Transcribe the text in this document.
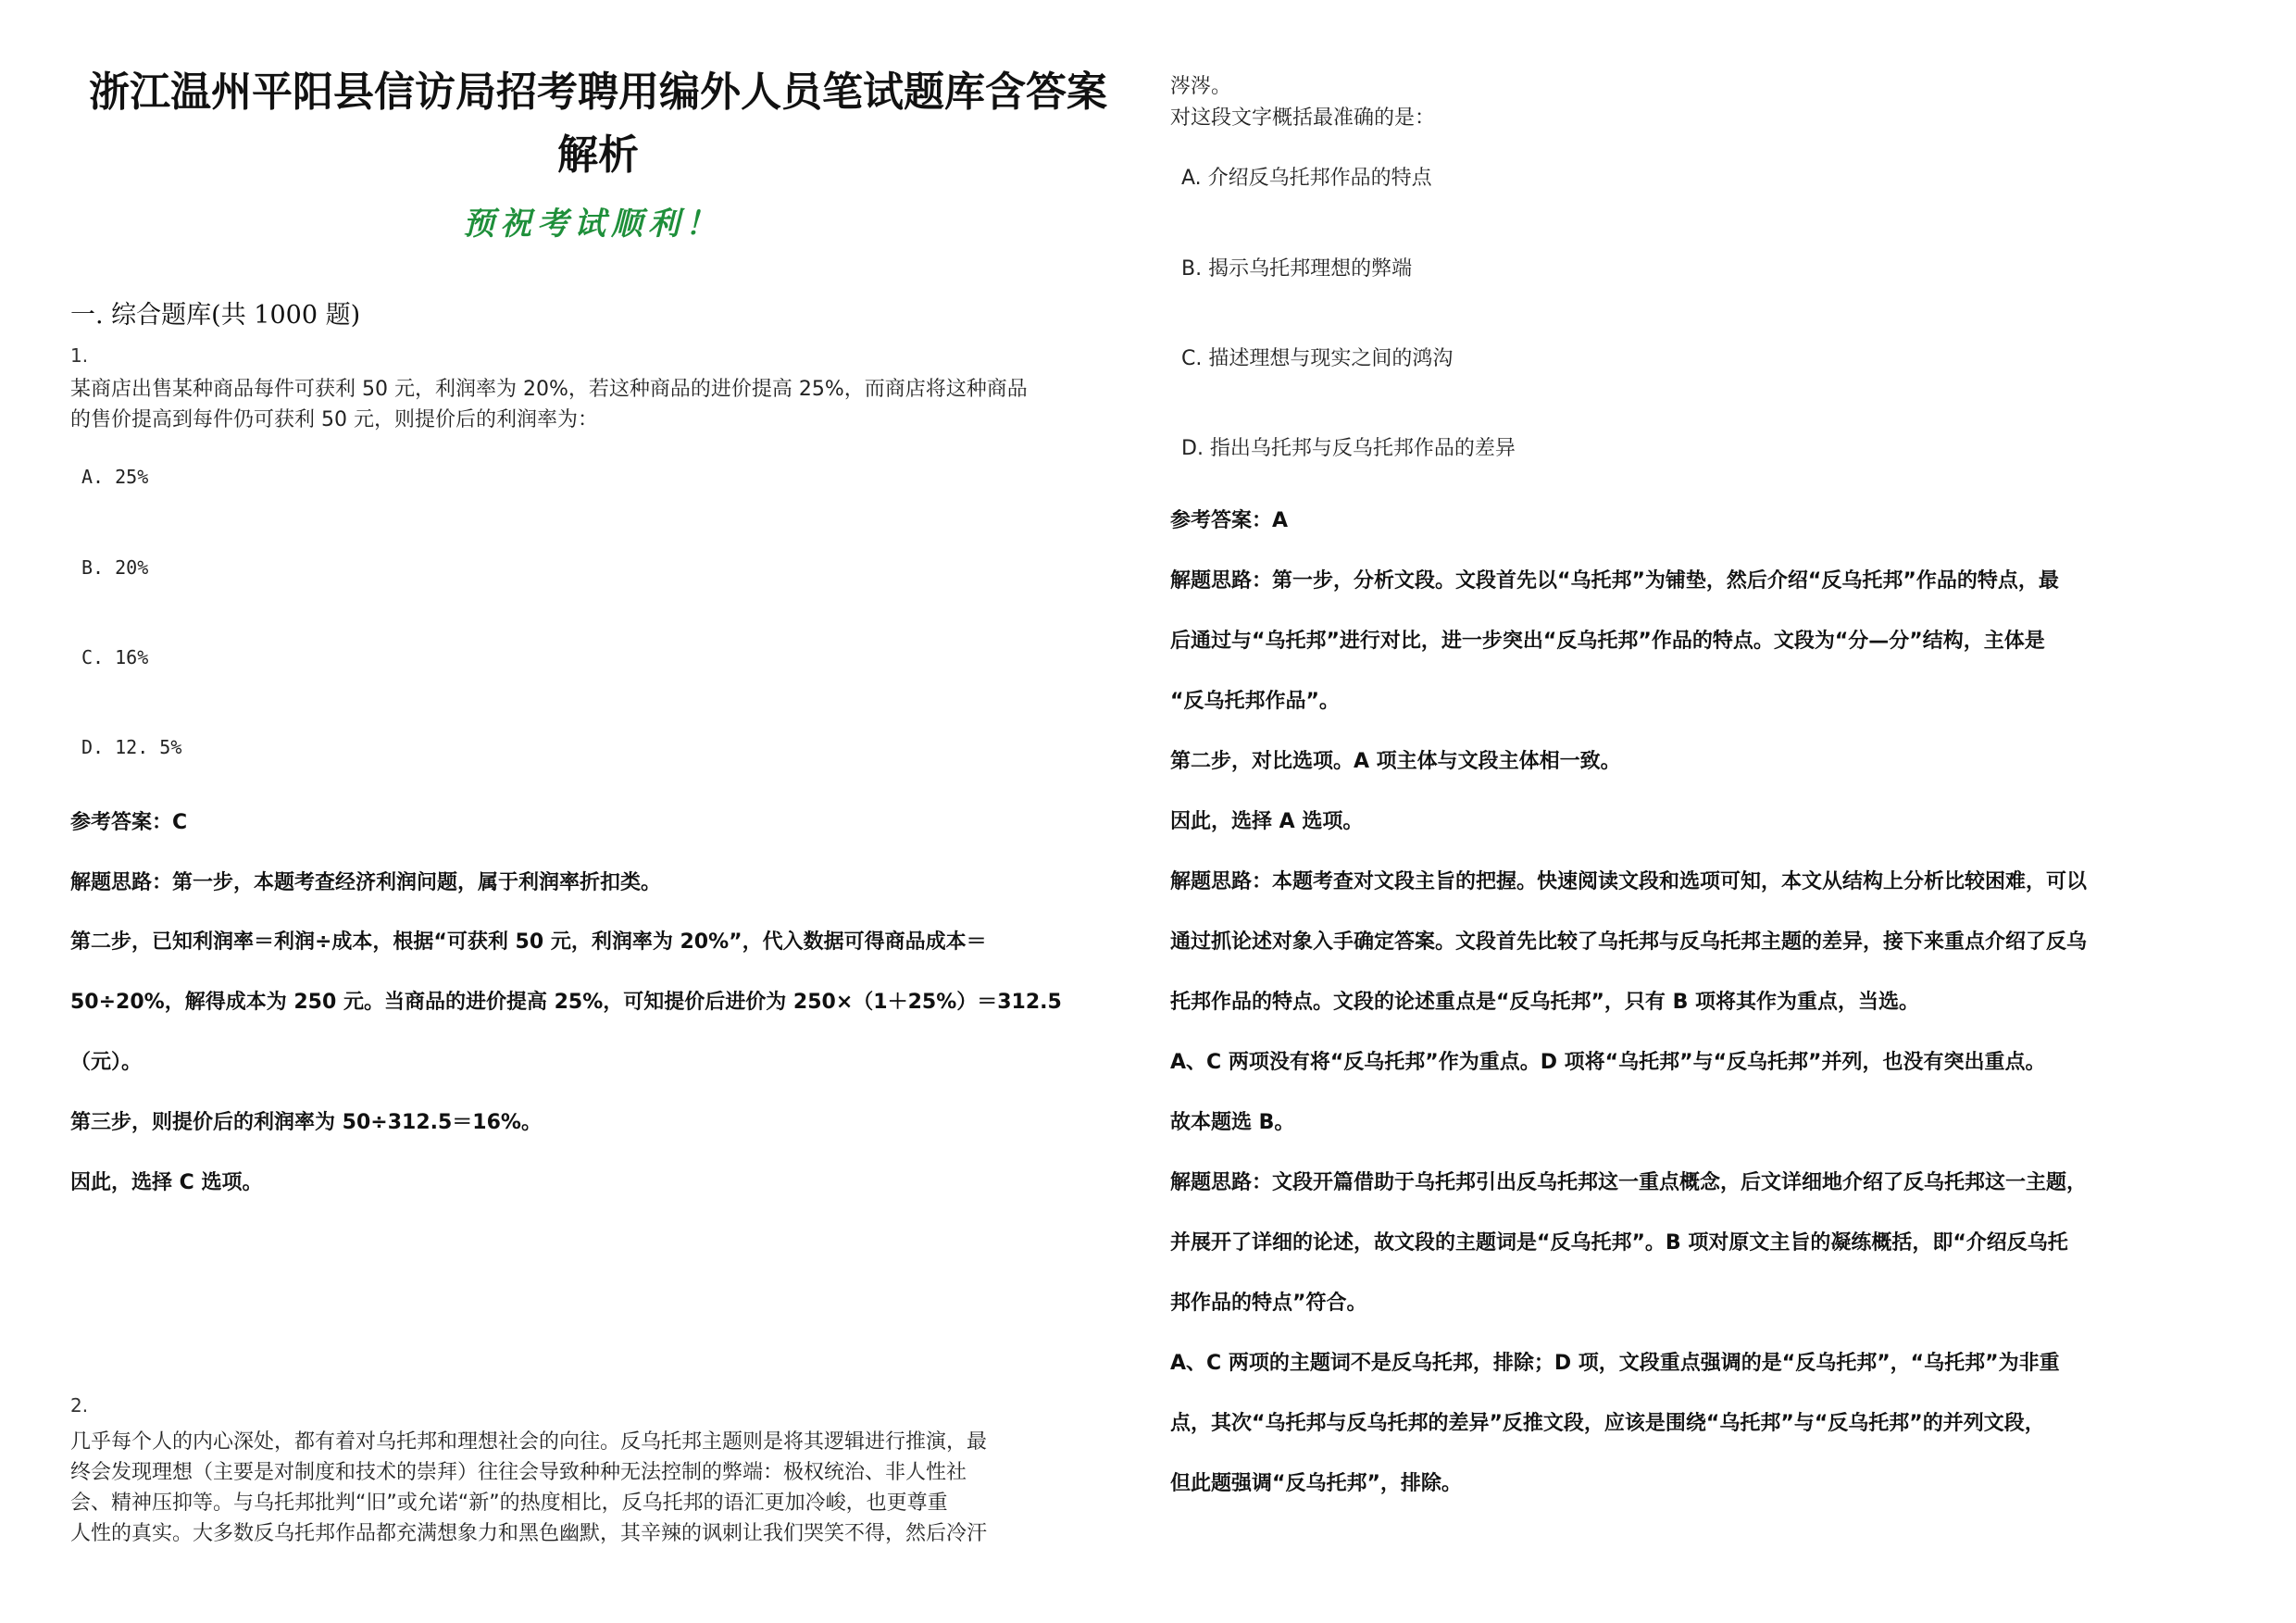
浙江温州平阳县信访局招考聘用编外人员笔试题库含答案解析
预祝考试顺利！
一. 综合题库(共 1000 题)
1.
某商店出售某种商品每件可获利 50 元，利润率为 20%，若这种商品的进价提高 25%，而商店将这种商品
的售价提高到每件仍可获利 50 元，则提价后的利润率为：
A. 25%
B. 20%
C. 16%
D. 12. 5%
参考答案：C
解题思路：第一步，本题考查经济利润问题，属于利润率折扣类。
第二步，已知利润率＝利润÷成本，根据“可获利 50 元，利润率为 20%”，代入数据可得商品成本＝
50÷20%，解得成本为 250 元。当商品的进价提高 25%，可知提价后进价为 250×（1＋25%）＝312.5
（元）。
第三步，则提价后的利润率为 50÷312.5＝16%。
因此，选择 C 选项。
2.
几乎每个人的内心深处，都有着对乌托邦和理想社会的向往。反乌托邦主题则是将其逻辑进行推演，最
终会发现理想（主要是对制度和技术的崇拜）往往会导致种种无法控制的弊端：极权统治、非人性社
会、精神压抑等。与乌托邦批判“旧”或允诺“新”的热度相比，反乌托邦的语汇更加冷峻，也更尊重
人性的真实。大多数反乌托邦作品都充满想象力和黑色幽默，其辛辣的讽刺让我们哭笑不得，然后冷汗
涔涔。
对这段文字概括最准确的是：
A. 介绍反乌托邦作品的特点
B. 揭示乌托邦理想的弊端
C. 描述理想与现实之间的鸿沟
D. 指出乌托邦与反乌托邦作品的差异
参考答案：A
解题思路：第一步，分析文段。文段首先以“乌托邦”为铺垫，然后介绍“反乌托邦”作品的特点，最
后通过与“乌托邦”进行对比，进一步突出“反乌托邦”作品的特点。文段为“分—分”结构，主体是
“反乌托邦作品”。
第二步，对比选项。A 项主体与文段主体相一致。
因此，选择 A 选项。
解题思路：本题考查对文段主旨的把握。快速阅读文段和选项可知，本文从结构上分析比较困难，可以
通过抓论述对象入手确定答案。文段首先比较了乌托邦与反乌托邦主题的差异，接下来重点介绍了反乌
托邦作品的特点。文段的论述重点是“反乌托邦”，只有 B 项将其作为重点，当选。
A、C 两项没有将“反乌托邦”作为重点。D 项将“乌托邦”与“反乌托邦”并列，也没有突出重点。
故本题选 B。
解题思路：文段开篇借助于乌托邦引出反乌托邦这一重点概念，后文详细地介绍了反乌托邦这一主题，
并展开了详细的论述，故文段的主题词是“反乌托邦”。B 项对原文主旨的凝练概括，即“介绍反乌托
邦作品的特点”符合。
A、C 两项的主题词不是反乌托邦，排除；D 项，文段重点强调的是“反乌托邦”，“乌托邦”为非重
点，其次“乌托邦与反乌托邦的差异”反推文段，应该是围绕“乌托邦”与“反乌托邦”的并列文段，
但此题强调“反乌托邦”，排除。
